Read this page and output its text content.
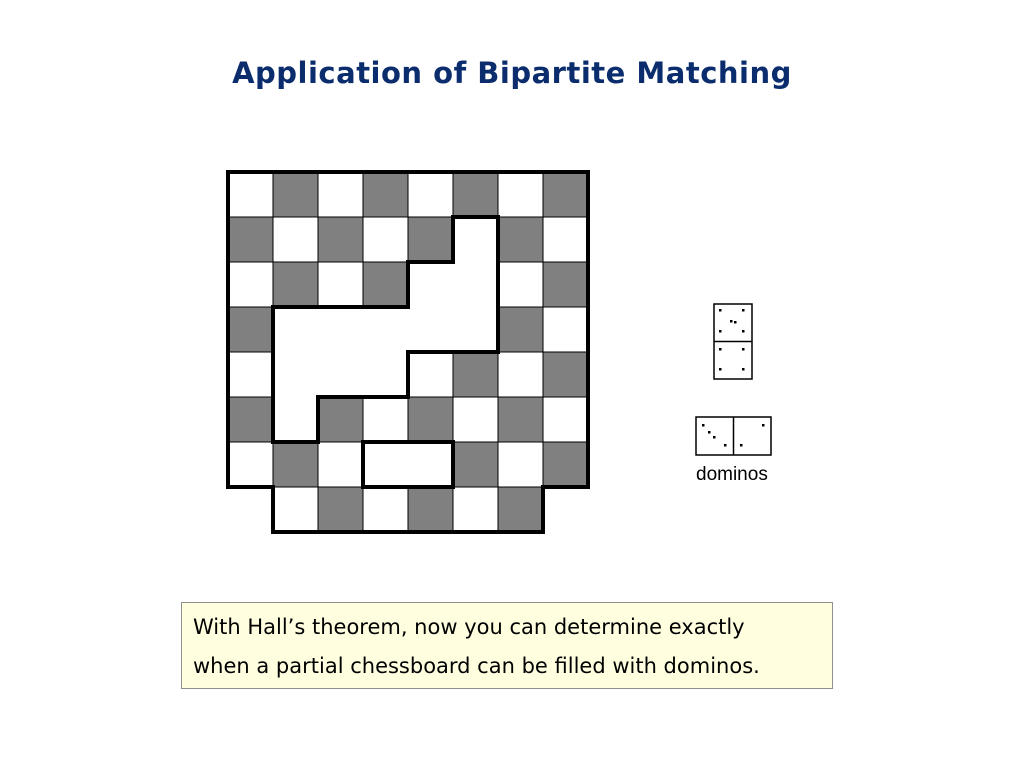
Application of Bipartite Matching
dominos
With Hall’s theorem, now you can determine exactly
when a partial chessboard can be filled with dominos.
